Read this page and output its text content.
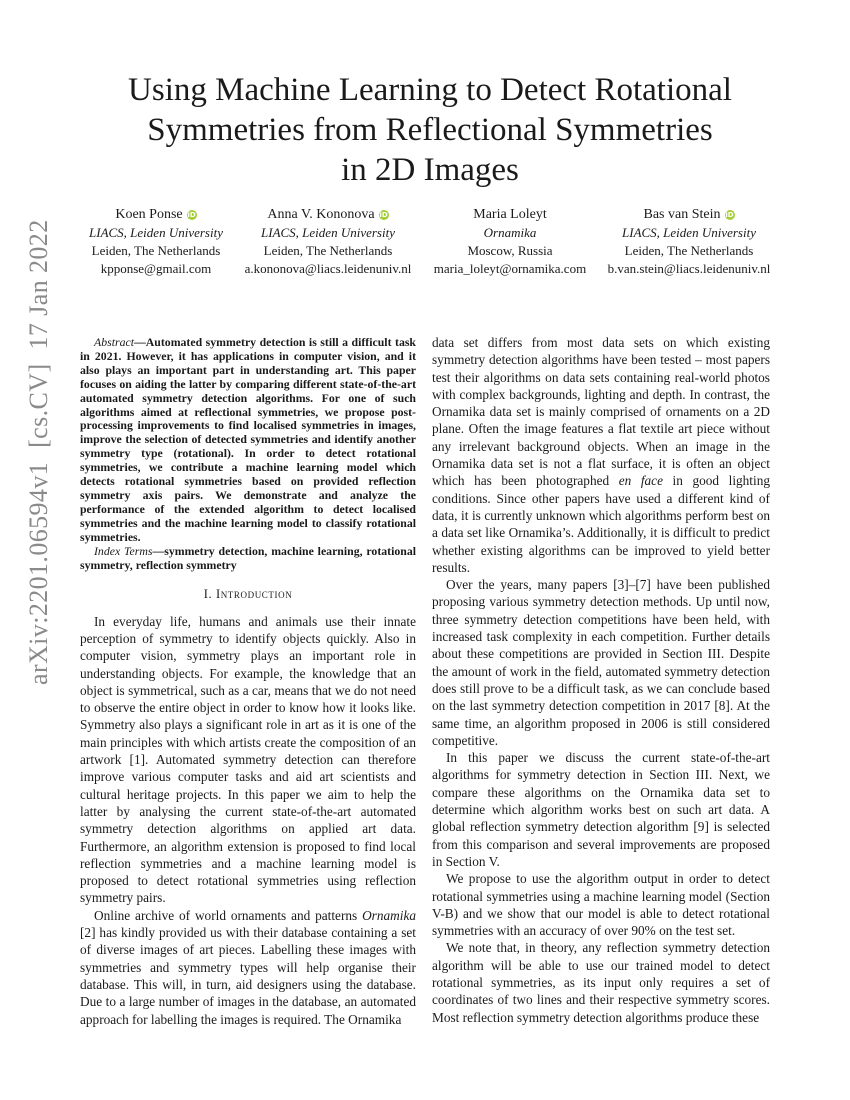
Using Machine Learning to Detect Rotational
Symmetries from Reflectional Symmetries
in 2D Images
Koen Ponse iD
LIACS, Leiden University
Leiden, The Netherlands
kpponse@gmail.com
Anna V. Kononova iD
LIACS, Leiden University
Leiden, The Netherlands
a.kononova@liacs.leidenuniv.nl
Maria Loleyt
Ornamika
Moscow, Russia
maria_loleyt@ornamika.com
Bas van Stein iD
LIACS, Leiden University
Leiden, The Netherlands
b.van.stein@liacs.leidenuniv.nl
arXiv:2201.06594v1[cs.CV]17 Jan 2022	Abstract—Automated symmetry detection is still a difficult task in 2021. However, it has applications in computer vision, and it also plays an important part in understanding art. This paper focuses on aiding the latter by comparing different state-of-the-art automated symmetry detection algorithms. For one of such algorithms aimed at reflectional symmetries, we propose post-processing improvements to find localised symmetries in images, improve the selection of detected symmetries and identify another symmetry type (rotational). In order to detect rotational symmetries, we contribute a machine learning model which detects rotational symmetries based on provided reflection symmetry axis pairs. We demonstrate and analyze the performance of the extended algorithm to detect localised symmetries and the machine learning model to classify rotational symmetries.

Index Terms—symmetry detection, machine learning, rotational symmetry, reflection symmetry

I. Introduction

In everyday life, humans and animals use their innate perception of symmetry to identify objects quickly. Also in computer vision, symmetry plays an important role in understanding objects. For example, the knowledge that an object is symmetrical, such as a car, means that we do not need to observe the entire object in order to know how it looks like. Symmetry also plays a significant role in art as it is one of the main principles with which artists create the composition of an artwork [1]. Automated symmetry detection can therefore improve various computer tasks and aid art scientists and cultural heritage projects. In this paper we aim to help the latter by analysing the current state-of-the-art automated symmetry detection algorithms on applied art data. Furthermore, an algorithm extension is proposed to find local reflection symmetries and a machine learning model is proposed to detect rotational symmetries using reflection symmetry pairs.

Online archive of world ornaments and patterns Ornamika [2] has kindly provided us with their database containing a set of diverse images of art pieces. Labelling these images with symmetries and symmetry types will help organise their database. This will, in turn, aid designers using the database. Due to a large number of images in the database, an automated approach for labelling the images is required. The Ornamika

data set differs from most data sets on which existing symmetry detection algorithms have been tested – most papers test their algorithms on data sets containing real-world photos with complex backgrounds, lighting and depth. In contrast, the Ornamika data set is mainly comprised of ornaments on a 2D plane. Often the image features a flat textile art piece without any irrelevant background objects. When an image in the Ornamika data set is not a flat surface, it is often an object which has been photographed en face in good lighting conditions. Since other papers have used a different kind of data, it is currently unknown which algorithms perform best on a data set like Ornamika’s. Additionally, it is difficult to predict whether existing algorithms can be improved to yield better results.

Over the years, many papers [3]–[7] have been published proposing various symmetry detection methods. Up until now, three symmetry detection competitions have been held, with increased task complexity in each competition. Further details about these competitions are provided in Section III. Despite the amount of work in the field, automated symmetry detection does still prove to be a difficult task, as we can conclude based on the last symmetry detection competition in 2017 [8]. At the same time, an algorithm proposed in 2006 is still considered competitive.

In this paper we discuss the current state-of-the-art algorithms for symmetry detection in Section III. Next, we compare these algorithms on the Ornamika data set to determine which algorithm works best on such art data. A global reflection symmetry detection algorithm [9] is selected from this comparison and several improvements are proposed in Section V.

We propose to use the algorithm output in order to detect rotational symmetries using a machine learning model (Section V-B) and we show that our model is able to detect rotational symmetries with an accuracy of over 90% on the test set.

We note that, in theory, any reflection symmetry detection algorithm will be able to use our trained model to detect rotational symmetries, as its input only requires a set of coordinates of two lines and their respective symmetry scores. Most reflection symmetry detection algorithms produce these
